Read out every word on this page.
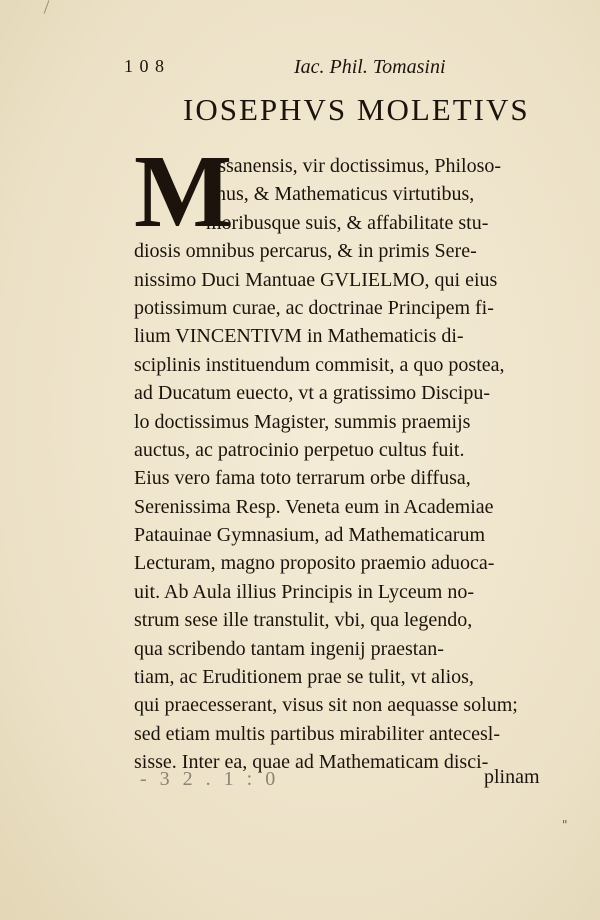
1 0 8	Iac. Phil. Tomasini
IOSEPHVS MOLETIVS
M
Essanensis, vir doctissimus, Philoso-
phus, & Mathematicus virtutibus,
moribusque suis, & affabilitate stu-
diosis omnibus percarus, & in primis Sere-
nissimo Duci Mantuae GVLIELMO, qui eius
potissimum curae, ac doctrinae Principem fi-
lium VINCENTIVM in Mathematicis di-
sciplinis instituendum commisit, a quo postea,
ad Ducatum euecto, vt a gratissimo Discipu-
lo doctissimus Magister, summis praemijs
auctus, ac patrocinio perpetuo cultus fuit.
Eius vero fama toto terrarum orbe diffusa,
Serenissima Resp. Veneta eum in Academiae
Patauinae Gymnasium, ad Mathematicarum
Lecturam, magno proposito praemio aduoca-
uit. Ab Aula illius Principis in Lyceum no-
strum sese ille transtulit, vbi, qua legendo,
qua scribendo tantam ingenij praestan-
tiam, ac Eruditionem prae se tulit, vt alios,
qui praecesserant, visus sit non aequasse solum;
sed etiam multis partibus mirabiliter antecesl-
sisse. Inter ea, quae ad Mathematicam disci-
- 3 2 . 1 : 0	plinam
"
